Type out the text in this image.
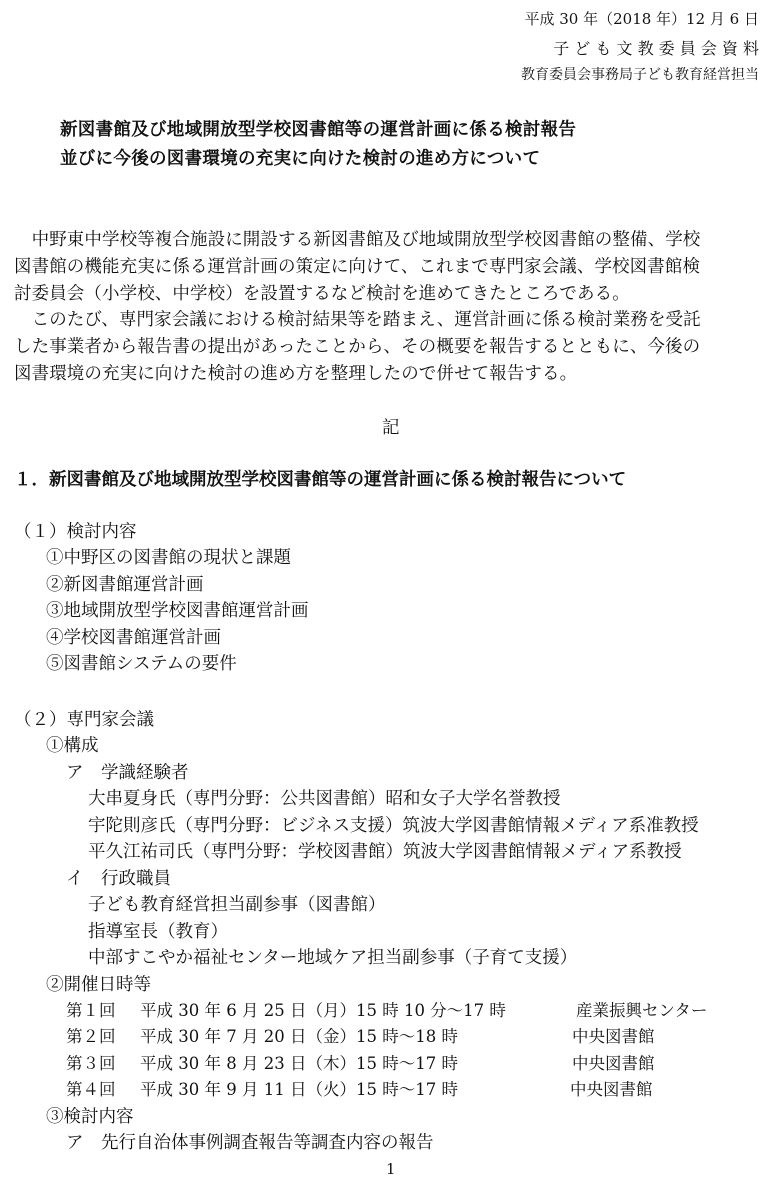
平成 30 年（2018 年）12 月 6 日
子 ど も 文 教 委 員 会 資 料
教育委員会事務局子ども教育経営担当
新図書館及び地域開放型学校図書館等の運営計画に係る検討報告
並びに今後の図書環境の充実に向けた検討の進め方について
　中野東中学校等複合施設に開設する新図書館及び地域開放型学校図書館の整備、学校
図書館の機能充実に係る運営計画の策定に向けて、これまで専門家会議、学校図書館検
討委員会（小学校、中学校）を設置するなど検討を進めてきたところである。
　このたび、専門家会議における検討結果等を踏まえ、運営計画に係る検討業務を受託
した事業者から報告書の提出があったことから、その概要を報告するとともに、今後の
図書環境の充実に向けた検討の進め方を整理したので併せて報告する。
記
１．新図書館及び地域開放型学校図書館等の運営計画に係る検討報告について
（１）検討内容
①中野区の図書館の現状と課題
②新図書館運営計画
③地域開放型学校図書館運営計画
④学校図書館運営計画
⑤図書館システムの要件
（２）専門家会議
①構成
ア　学識経験者
大串夏身氏（専門分野：公共図書館）昭和女子大学名誉教授
宇陀則彦氏（専門分野：ビジネス支援）筑波大学図書館情報メディア系准教授
平久江祐司氏（専門分野：学校図書館）筑波大学図書館情報メディア系教授
イ　行政職員
子ども教育経営担当副参事（図書館）
指導室長（教育）
中部すこやか福祉センター地域ケア担当副参事（子育て支援）
②開催日時等
第１回 平成 30 年 6 月 25 日（月）15 時 10 分～17 時	産業振興センター
第２回 平成 30 年 7 月 20 日（金）15 時～18 時	中央図書館
第３回 平成 30 年 8 月 23 日（木）15 時～17 時	中央図書館
第４回 平成 30 年 9 月 11 日（火）15 時～17 時	中央図書館
③検討内容
ア　先行自治体事例調査報告等調査内容の報告
1
